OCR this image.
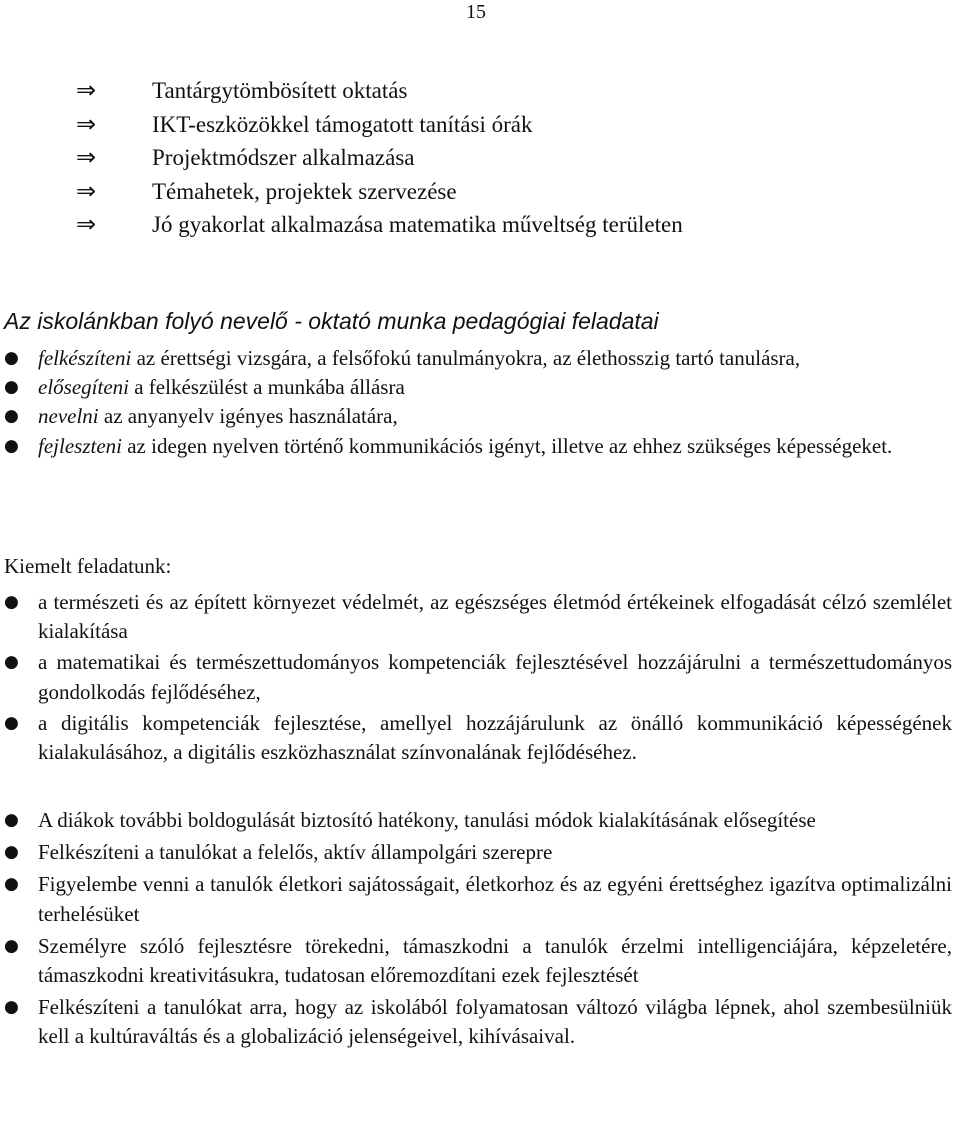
15
⇒ Tantárgytömbösített oktatás
⇒ IKT-eszközökkel támogatott tanítási órák
⇒ Projektmódszer alkalmazása
⇒ Témahetek, projektek szervezése
⇒ Jó gyakorlat alkalmazása matematika műveltség területen
Az iskolánkban folyó nevelő - oktató munka pedagógiai feladatai
● felkészíteni az érettségi vizsgára, a felsőfokú tanulmányokra, az élethosszig tartó tanulásra,
● elősegíteni a felkészülést a munkába állásra
● nevelni az anyanyelv igényes használatára,
● fejleszteni az idegen nyelven történő kommunikációs igényt, illetve az ehhez szükséges képességeket.
Kiemelt feladatunk:
● a természeti és az épített környezet védelmét, az egészséges életmód értékeinek elfogadását célzó szemlélet kialakítása
● a matematikai és természettudományos kompetenciák fejlesztésével hozzájárulni a természettudományos gondolkodás fejlődéséhez,
● a digitális kompetenciák fejlesztése, amellyel hozzájárulunk az önálló kommunikáció képességének kialakulásához, a digitális eszközhasználat színvonalának fejlődéséhez.
● A diákok további boldogulását biztosító hatékony, tanulási módok kialakításának elősegítése
● Felkészíteni a tanulókat a felelős, aktív állampolgári szerepre
● Figyelembe venni a tanulók életkori sajátosságait, életkorhoz és az egyéni érettséghez igazítva optimalizálni terhelésüket
● Személyre szóló fejlesztésre törekedni, támaszkodni a tanulók érzelmi intelligenciájára, képzeletére, támaszkodni kreativitásukra, tudatosan előremozdítani ezek fejlesztését
● Felkészíteni a tanulókat arra, hogy az iskolából folyamatosan változó világba lépnek, ahol szembesülniük kell a kultúraváltás és a globalizáció jelenségeivel, kihívásaival.
